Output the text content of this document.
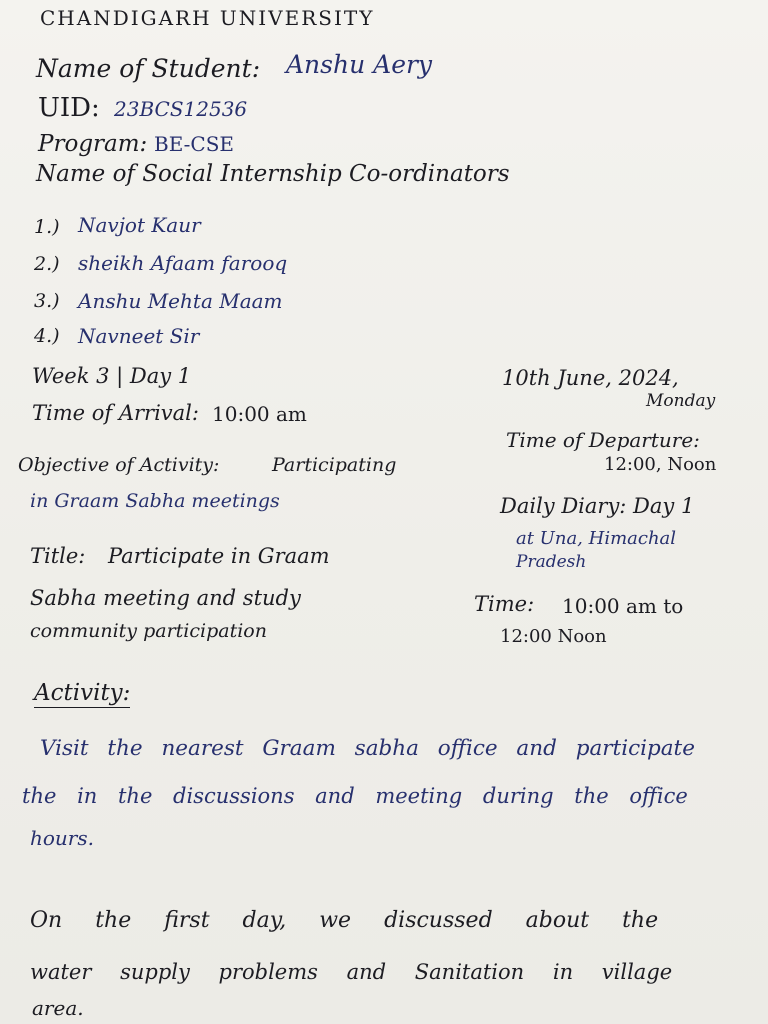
CHANDIGARH UNIVERSITY
Name of Student: Anshu Aery
UID: 23BCS12536
Program: BE-CSE
Name of Social Internship Co-ordinators
1.) Navjot Kaur
2.) sheikh Afaam farooq
3.) Anshu Mehta Maam
4.) Navneet Sir
Week 3 | Day 1	10th June, 2024,
Monday
Time of Arrival: 10:00 am
Time of Departure:
12:00, Noon
Objective of Activity:	Participating
in Graam Sabha meetings	Daily Diary: Day 1
at Una, Himachal
Pradesh
Time: 10:00 am to
12:00 Noon
Title: Participate in Graam
Sabha meeting and study
community participation
Activity:
Visit the nearest Graam sabha office and participate
the in the discussions and meeting during the office
hours.
On the first day, we discussed about the
water supply problems and Sanitation in village
area.
